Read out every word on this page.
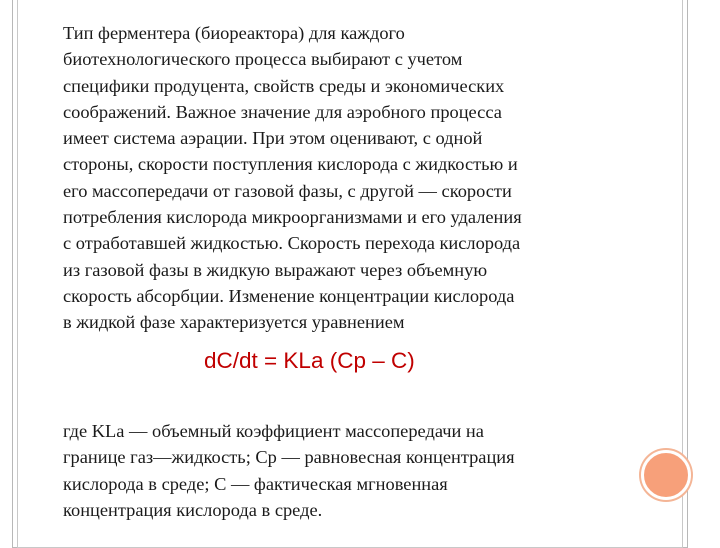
Тип ферментера (биореактора) для каждого
биотехнологического процесса выбирают с учетом
специфики продуцента, свойств среды и экономических
соображений. Важное значение для аэробного процесса
имеет система аэрации. При этом оценивают, с одной
стороны, скорости поступления кислорода с жидкостью и
его массопередачи от газовой фазы, с другой — скорости
потребления кислорода микроорганизмами и его удаления
с отработавшей жидкостью. Скорость перехода кислорода
из газовой фазы в жидкую выражают через объемную
скорость абсорбции. Изменение концентрации кислорода
в жидкой фазе характеризуется уравнением
dC/dt = KLa (Cp – C)
где KLa — объемный коэффициент массопередачи на
границе газ—жидкость; Cp — равновесная концентрация
кислорода в среде; C — фактическая мгновенная
концентрация кислорода в среде.
